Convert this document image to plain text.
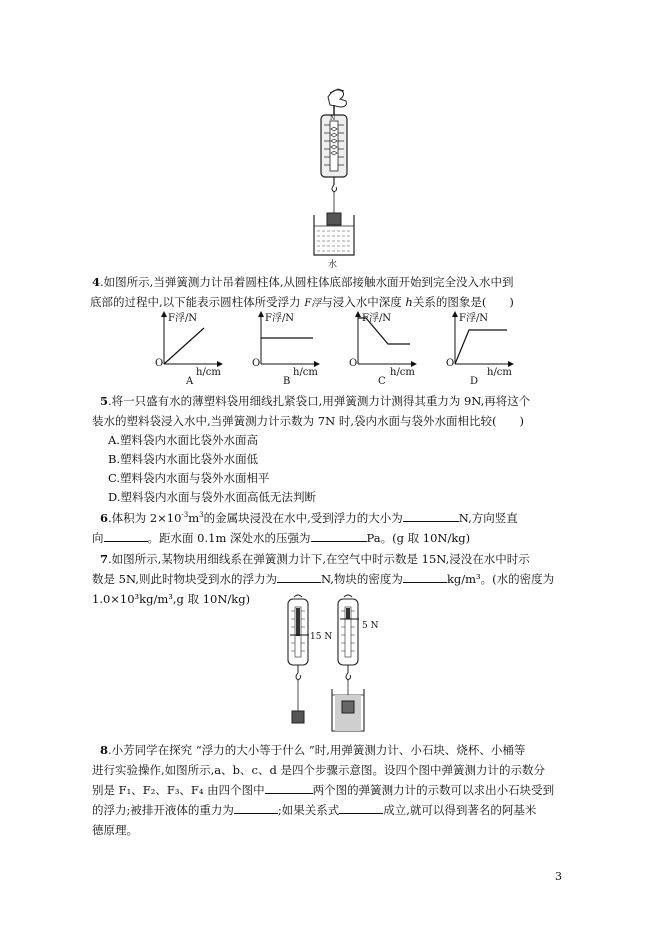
N
水
4.如图所示,当弹簧测力计吊着圆柱体,从圆柱体底部接触水面开始到完全没入水中到
底部的过程中,以下能表示圆柱体所受浮力 F浮与浸入水中深度 h关系的图象是(　　)
F浮/N
h/cm
O
A
F浮/N
h/cm
O
B
F浮/N
h/cm
O
C
F浮/N
h/cm
O
D
5.将一只盛有水的薄塑料袋用细线扎紧袋口,用弹簧测力计测得其重力为 9N,再将这个
装水的塑料袋浸入水中,当弹簧测力计示数为 7N 时,袋内水面与袋外水面相比较(　　)
A.塑料袋内水面比袋外水面高
B.塑料袋内水面比袋外水面低
C.塑料袋内水面与袋外水面相平
D.塑料袋内水面与袋外水面高低无法判断
6.体积为 $2\times 10^{-3}m^3$的金属块浸没在水中,受到浮力的大小为	N,方向竖直
向	。距水面 0.1m 深处水的压强为	Pa。(g 取 10N/kg)
7.如图所示,某物块用细线系在弹簧测力计下,在空气中时示数是 15N,浸没在水中时示
数是 5N,则此时物块受到水的浮力为	N,物块的密度为	kg/m³。(水的密度为
1.0×10³kg/m³,g 取 10N/kg)
15 N
5 N
8.小芳同学在探究 “浮力的大小等于什么 ”时,用弹簧测力计、小石块、烧杯、小桶等
进行实验操作,如图所示,a、b、c、d 是四个步骤示意图。设四个图中弹簧测力计的示数分
别是 F₁、F₂、F₃、F₄ 由四个图中	两个图的弹簧测力计的示数可以求出小石块受到
的浮力;被排开液体的重力为	;如果关系式	成立,就可以得到著名的阿基米
德原理。
3
